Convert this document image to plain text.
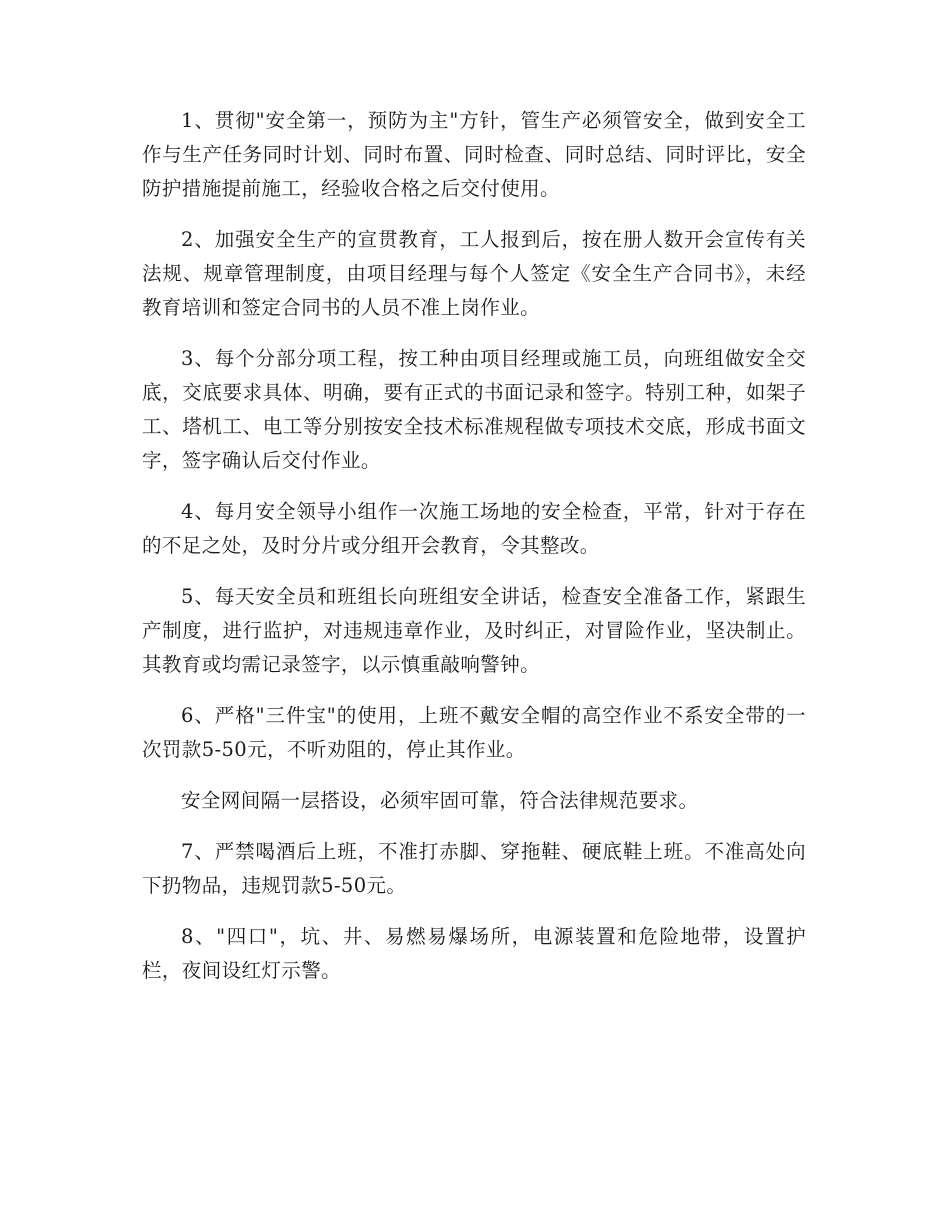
1、贯彻"安全第一，预防为主"方针，管生产必须管安全，做到安全工作与生产任务同时计划、同时布置、同时检查、同时总结、同时评比，安全防护措施提前施工，经验收合格之后交付使用。

2、加强安全生产的宣贯教育，工人报到后，按在册人数开会宣传有关法规、规章管理制度，由项目经理与每个人签定《安全生产合同书》，未经教育培训和签定合同书的人员不准上岗作业。

3、每个分部分项工程，按工种由项目经理或施工员，向班组做安全交底，交底要求具体、明确，要有正式的书面记录和签字。特别工种，如架子工、塔机工、电工等分别按安全技术标准规程做专项技术交底，形成书面文字，签字确认后交付作业。

4、每月安全领导小组作一次施工场地的安全检查，平常，针对于存在的不足之处，及时分片或分组开会教育，令其整改。

5、每天安全员和班组长向班组安全讲话，检查安全准备工作，紧跟生产制度，进行监护，对违规违章作业，及时纠正，对冒险作业，坚决制止。其教育或均需记录签字，以示慎重敲响警钟。

6、严格"三件宝"的使用，上班不戴安全帽的高空作业不系安全带的一次罚款5-50元，不听劝阻的，停止其作业。

安全网间隔一层搭设，必须牢固可靠，符合法律规范要求。

7、严禁喝酒后上班，不准打赤脚、穿拖鞋、硬底鞋上班。不准高处向下扔物品，违规罚款5-50元。

8、"四口"，坑、井、易燃易爆场所，电源装置和危险地带，设置护栏，夜间设红灯示警。
